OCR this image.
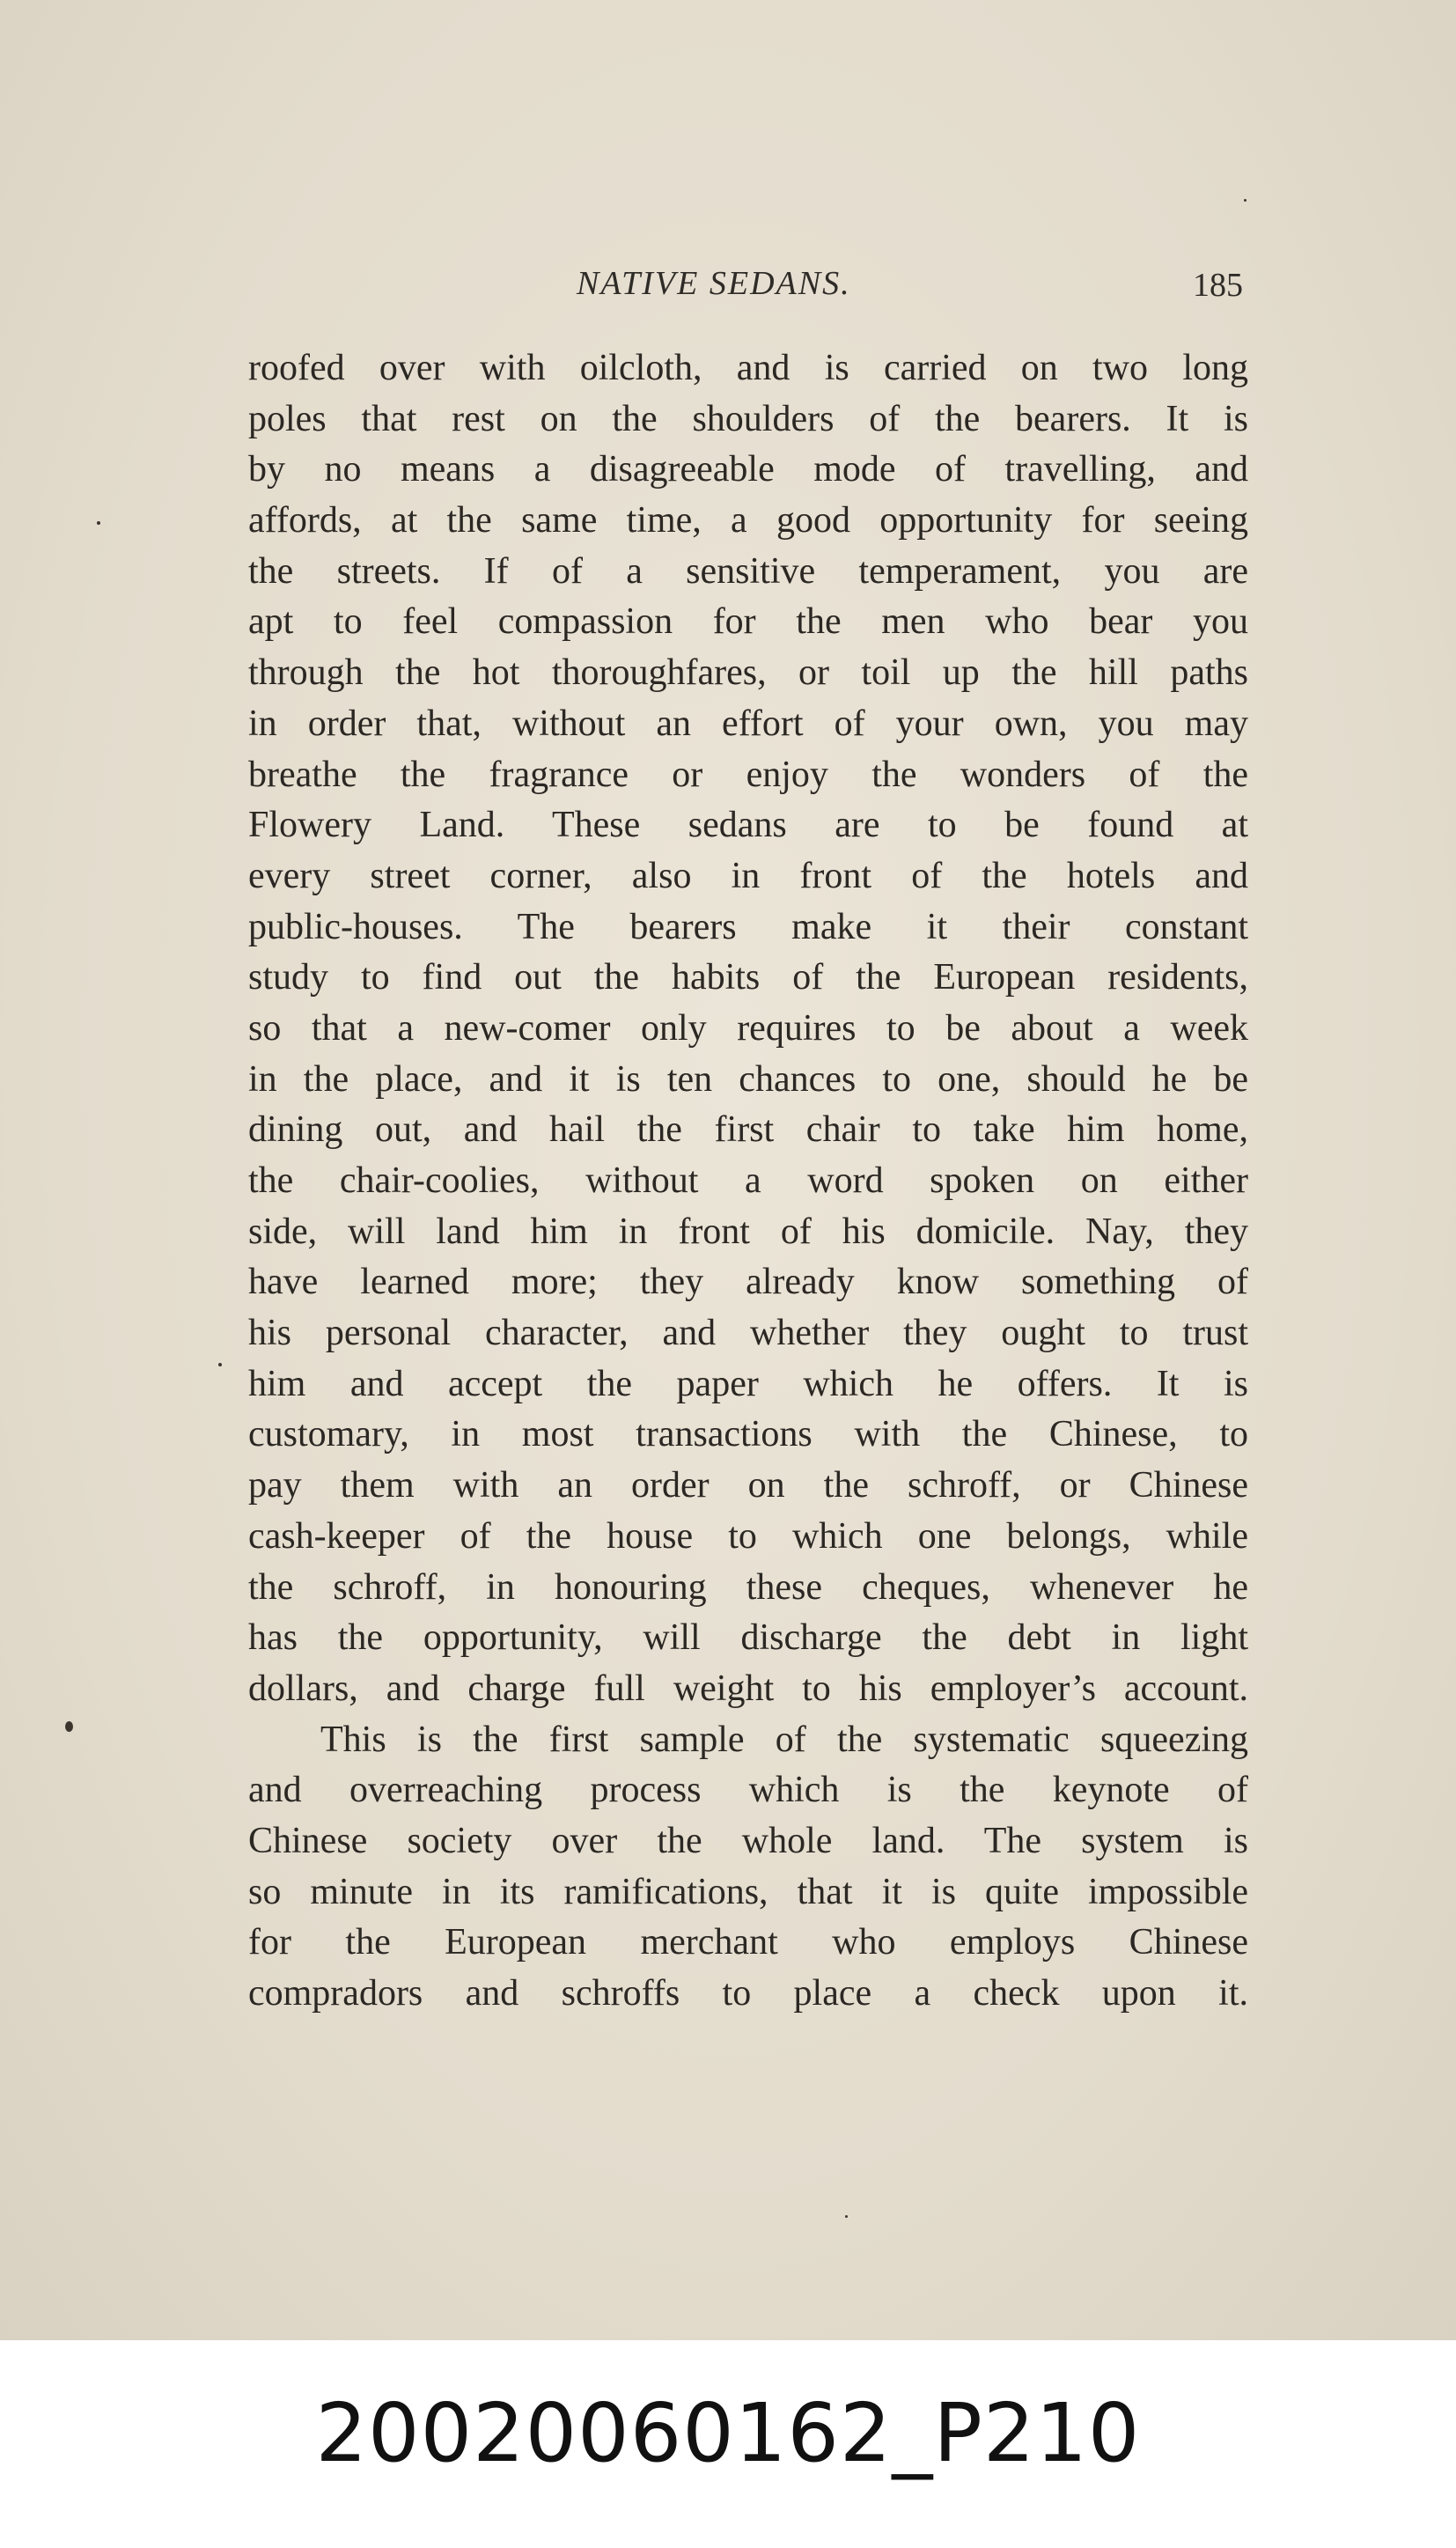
NATIVE SEDANS.	185
roofed over with oilcloth, and is carried on two long
poles that rest on the shoulders of the bearers. It is
by no means a disagreeable mode of travelling, and
affords, at the same time, a good opportunity for seeing
the streets. If of a sensitive temperament, you are
apt to feel compassion for the men who bear you
through the hot thoroughfares, or toil up the hill paths
in order that, without an effort of your own, you may
breathe the fragrance or enjoy the wonders of the
Flowery Land. These sedans are to be found at
every street corner, also in front of the hotels and
public-houses. The bearers make it their constant
study to find out the habits of the European residents,
so that a new-comer only requires to be about a week
in the place, and it is ten chances to one, should he be
dining out, and hail the first chair to take him home,
the chair-coolies, without a word spoken on either
side, will land him in front of his domicile. Nay, they
have learned more; they already know something of
his personal character, and whether they ought to trust
him and accept the paper which he offers. It is
customary, in most transactions with the Chinese, to
pay them with an order on the schroff, or Chinese
cash-keeper of the house to which one belongs, while
the schroff, in honouring these cheques, whenever he
has the opportunity, will discharge the debt in light
dollars, and charge full weight to his employer’s account.
This is the first sample of the systematic squeezing
and overreaching process which is the keynote of
Chinese society over the whole land. The system is
so minute in its ramifications, that it is quite impossible
for the European merchant who employs Chinese
compradors and schroffs to place a check upon it.
20020060162_P210
